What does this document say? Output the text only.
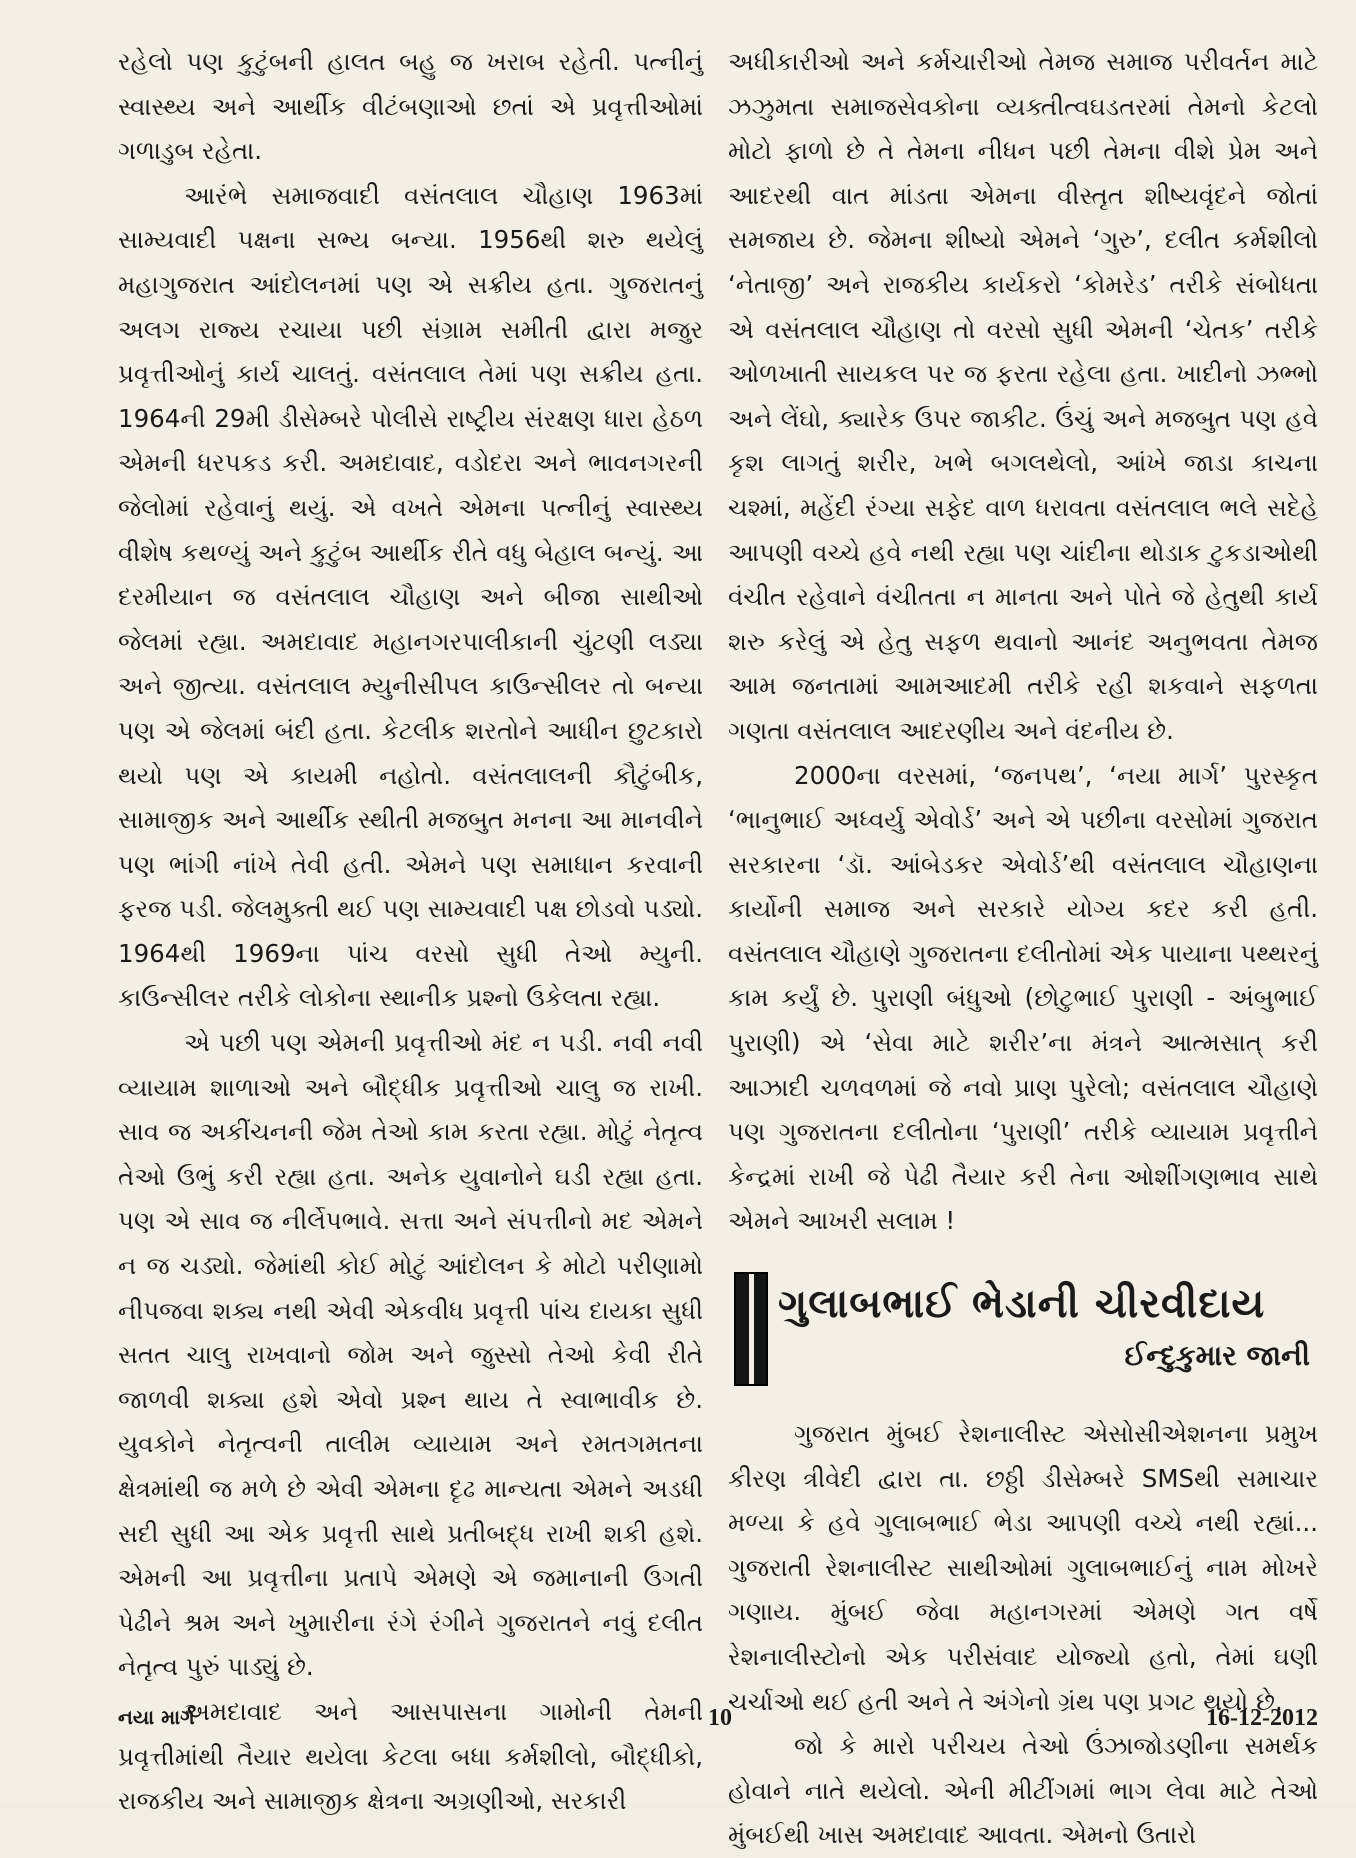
રહેલો પણ કુટુંબની હાલત બહુ જ ખરાબ રહેતી. પત્નીનું સ્વાસ્થ્ય અને આર્થીક વીટંબણાઓ છતાં એ પ્રવૃત્તીઓમાં ગળાડુબ રહેતા.

આરંભે સમાજવાદી વસંતલાલ ચૌહાણ 1963માં સામ્યવાદી પક્ષના સભ્ય બન્યા. 1956થી શરુ થયેલું મહાગુજરાત આંદોલનમાં પણ એ સક્રીય હતા. ગુજરાતનું અલગ રાજ્ય રચાયા પછી સંગ્રામ સમીતી દ્વારા મજુર પ્રવૃત્તીઓનું કાર્ય ચાલતું. વસંતલાલ તેમાં પણ સક્રીય હતા. 1964ની 29મી ડીસેમ્બરે પોલીસે રાષ્ટ્રીય સંરક્ષણ ધારા હેઠળ એમની ધરપકડ કરી. અમદાવાદ, વડોદરા અને ભાવનગરની જેલોમાં રહેવાનું થયું. એ વખતે એમના પત્નીનું સ્વાસ્થ્ય વીશેષ કથળ્યું અને કુટુંબ આર્થીક રીતે વધુ બેહાલ બન્યું. આ દરમીયાન જ વસંતલાલ ચૌહાણ અને બીજા સાથીઓ જેલમાં રહ્યા. અમદાવાદ મહાનગરપાલીકાની ચુંટણી લડ્યા અને જીત્યા. વસંતલાલ મ્યુનીસીપલ કાઉન્સીલર તો બન્યા પણ એ જેલમાં બંદી હતા. કેટલીક શરતોને આધીન છુટકારો થયો પણ એ કાયમી નહોતો. વસંતલાલની કૌટુંબીક, સામાજીક અને આર્થીક સ્થીતી મજબુત મનના આ માનવીને પણ ભાંગી નાંખે તેવી હતી. એમને પણ સમાધાન કરવાની ફરજ પડી. જેલમુક્તી થઈ પણ સામ્યવાદી પક્ષ છોડવો પડ્યો. 1964થી 1969ના પાંચ વરસો સુધી તેઓ મ્યુની. કાઉન્સીલર તરીકે લોકોના સ્થાનીક પ્રશ્નો ઉકેલતા રહ્યા.

એ પછી પણ એમની પ્રવૃત્તીઓ મંદ ન પડી. નવી નવી વ્યાયામ શાળાઓ અને બૌદ્ધીક પ્રવૃત્તીઓ ચાલુ જ રાખી. સાવ જ અકીંચનની જેમ તેઓ કામ કરતા રહ્યા. મોટું નેતૃત્વ તેઓ ઉભું કરી રહ્યા હતા. અનેક યુવાનોને ઘડી રહ્યા હતા. પણ એ સાવ જ નીર્લેપભાવે. સત્તા અને સંપત્તીનો મદ એમને ન જ ચડ્યો. જેમાંથી કોઈ મોટું આંદોલન કે મોટો પરીણામો નીપજવા શક્ય નથી એવી એકવીધ પ્રવૃત્તી પાંચ દાયકા સુધી સતત ચાલુ રાખવાનો જોમ અને જુસ્સો તેઓ કેવી રીતે જાળવી શક્યા હશે એવો પ્રશ્ન થાય તે સ્વાભાવીક છે. યુવકોને નેતૃત્વની તાલીમ વ્યાયામ અને રમતગમતના ક્ષેત્રમાંથી જ મળે છે એવી એમના દૃઢ માન્યતા એમને અડધી સદી સુધી આ એક પ્રવૃત્તી સાથે પ્રતીબદ્ધ રાખી શકી હશે. એમની આ પ્રવૃત્તીના પ્રતાપે એમણે એ જમાનાની ઉગતી પેઢીને શ્રમ અને ખુમારીના રંગે રંગીને ગુજરાતને નવું દલીત નેતૃત્વ પુરું પાડ્યું છે.

અમદાવાદ અને આસપાસના ગામોની તેમની પ્રવૃત્તીમાંથી તૈયાર થયેલા કેટલા બધા કર્મશીલો, બૌદ્ધીકો, રાજકીય અને સામાજીક ક્ષેત્રના અગ્રણીઓ, સરકારી

અધીકારીઓ અને કર્મચારીઓ તેમજ સમાજ પરીવર્તન માટે ઝઝુમતા સમાજસેવકોના વ્યક્તીત્વઘડતરમાં તેમનો કેટલો મોટો ફાળો છે તે તેમના નીધન પછી તેમના વીશે પ્રેમ અને આદરથી વાત માંડતા એમના વીસ્તૃત શીષ્યવૃંદને જોતાં સમજાય છે. જેમના શીષ્યો એમને ‘ગુરુ’, દલીત કર્મશીલો ‘નેતાજી’ અને રાજકીય કાર્યકરો ‘કોમરેડ’ તરીકે સંબોધતા એ વસંતલાલ ચૌહાણ તો વરસો સુધી એમની ‘ચેતક’ તરીકે ઓળખાતી સાયકલ પર જ ફરતા રહેલા હતા. ખાદીનો ઝભ્ભો અને લેંઘો, ક્યારેક ઉપર જાકીટ. ઉંચું અને મજબુત પણ હવે કૃશ લાગતું શરીર, ખભે બગલથેલો, આંખે જાડા કાચના ચશ્માં, મહેંદી રંગ્યા સફેદ વાળ ધરાવતા વસંતલાલ ભલે સદેહે આપણી વચ્ચે હવે નથી રહ્યા પણ ચાંદીના થોડાક ટુકડાઓથી વંચીત રહેવાને વંચીતતા ન માનતા અને પોતે જે હેતુથી કાર્ય શરુ કરેલું એ હેતુ સફળ થવાનો આનંદ અનુભવતા તેમજ આમ જનતામાં આમઆદમી તરીકે રહી શકવાને સફળતા ગણતા વસંતલાલ આદરણીય અને વંદનીય છે.

2000ના વરસમાં, ‘જનપથ’, ‘નયા માર્ગ’ પુરસ્કૃત ‘ભાનુભાઈ અધ્વર્યુ એવોર્ડ’ અને એ પછીના વરસોમાં ગુજરાત સરકારના ‘ડૉ. આંબેડકર એવોર્ડ’થી વસંતલાલ ચૌહાણના કાર્યોની સમાજ અને સરકારે યોગ્ય કદર કરી હતી. વસંતલાલ ચૌહાણે ગુજરાતના દલીતોમાં એક પાયાના પથ્થરનું કામ કર્યું છે. પુરાણી બંધુઓ (છોટુભાઈ પુરાણી - અંબુભાઈ પુરાણી) એ ‘સેવા માટે શરીર’ના મંત્રને આત્મસાત્ કરી આઝાદી ચળવળમાં જે નવો પ્રાણ પુરેલો; વસંતલાલ ચૌહાણે પણ ગુજરાતના દલીતોના ‘પુરાણી’ તરીકે વ્યાયામ પ્રવૃત્તીને કેન્દ્રમાં રાખી જે પેઢી તૈયાર કરી તેના ઓશીંગણભાવ સાથે એમને આખરી સલામ !

ગુલાબભાઈ ભેડાની ચીરવીદાય
ઈન્દુકુમાર જાની

ગુજરાત મુંબઈ રેશનાલીસ્ટ એસોસીએશનના પ્રમુખ કીરણ ત્રીવેદી દ્વારા તા. છઠ્ઠી ડીસેમ્બરે SMSથી સમાચાર મળ્યા કે હવે ગુલાબભાઈ ભેડા આપણી વચ્ચે નથી રહ્યાં... ગુજરાતી રેશનાલીસ્ટ સાથીઓમાં ગુલાબભાઈનું નામ મોખરે ગણાય. મુંબઈ જેવા મહાનગરમાં એમણે ગત વર્ષે રેશનાલીસ્ટોનો એક પરીસંવાદ યોજ્યો હતો, તેમાં ઘણી ચર્ચાઓ થઈ હતી અને તે અંગેનો ગ્રંથ પણ પ્રગટ થયો છે.

જો કે મારો પરીચય તેઓ ઉંઝાજોડણીના સમર્થક હોવાને નાતે થયેલો. એની મીટીંગમાં ભાગ લેવા માટે તેઓ મુંબઈથી ખાસ અમદાવાદ આવતા. એમનો ઉતારો

નયા માર્ગ	10	16-12-2012
